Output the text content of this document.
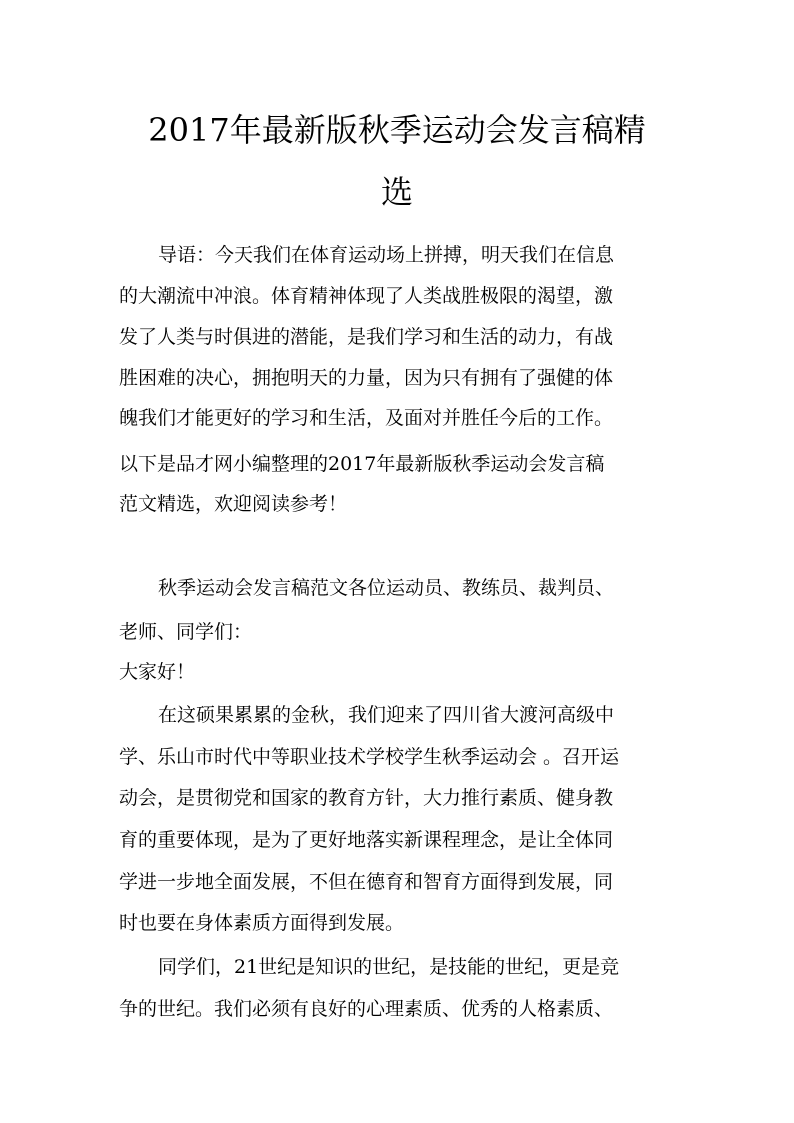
2017年最新版秋季运动会发言稿精
选

导语：今天我们在体育运动场上拼搏，明天我们在信息

的大潮流中冲浪。体育精神体现了人类战胜极限的渴望，激

发了人类与时俱进的潜能，是我们学习和生活的动力，有战

胜困难的决心，拥抱明天的力量，因为只有拥有了强健的体

魄我们才能更好的学习和生活，及面对并胜任今后的工作。

以下是品才网小编整理的2017年最新版秋季运动会发言稿

范文精选，欢迎阅读参考！

秋季运动会发言稿范文各位运动员、教练员、裁判员、

老师、同学们：

大家好！

在这硕果累累的金秋，我们迎来了四川省大渡河高级中

学、乐山市时代中等职业技术学校学生秋季运动会 。召开运

动会，是贯彻党和国家的教育方针，大力推行素质、健身教

育的重要体现，是为了更好地落实新课程理念，是让全体同

学进一步地全面发展，不但在德育和智育方面得到发展，同

时也要在身体素质方面得到发展。

同学们，21世纪是知识的世纪，是技能的世纪，更是竞

争的世纪。我们必须有良好的心理素质、优秀的人格素质、
